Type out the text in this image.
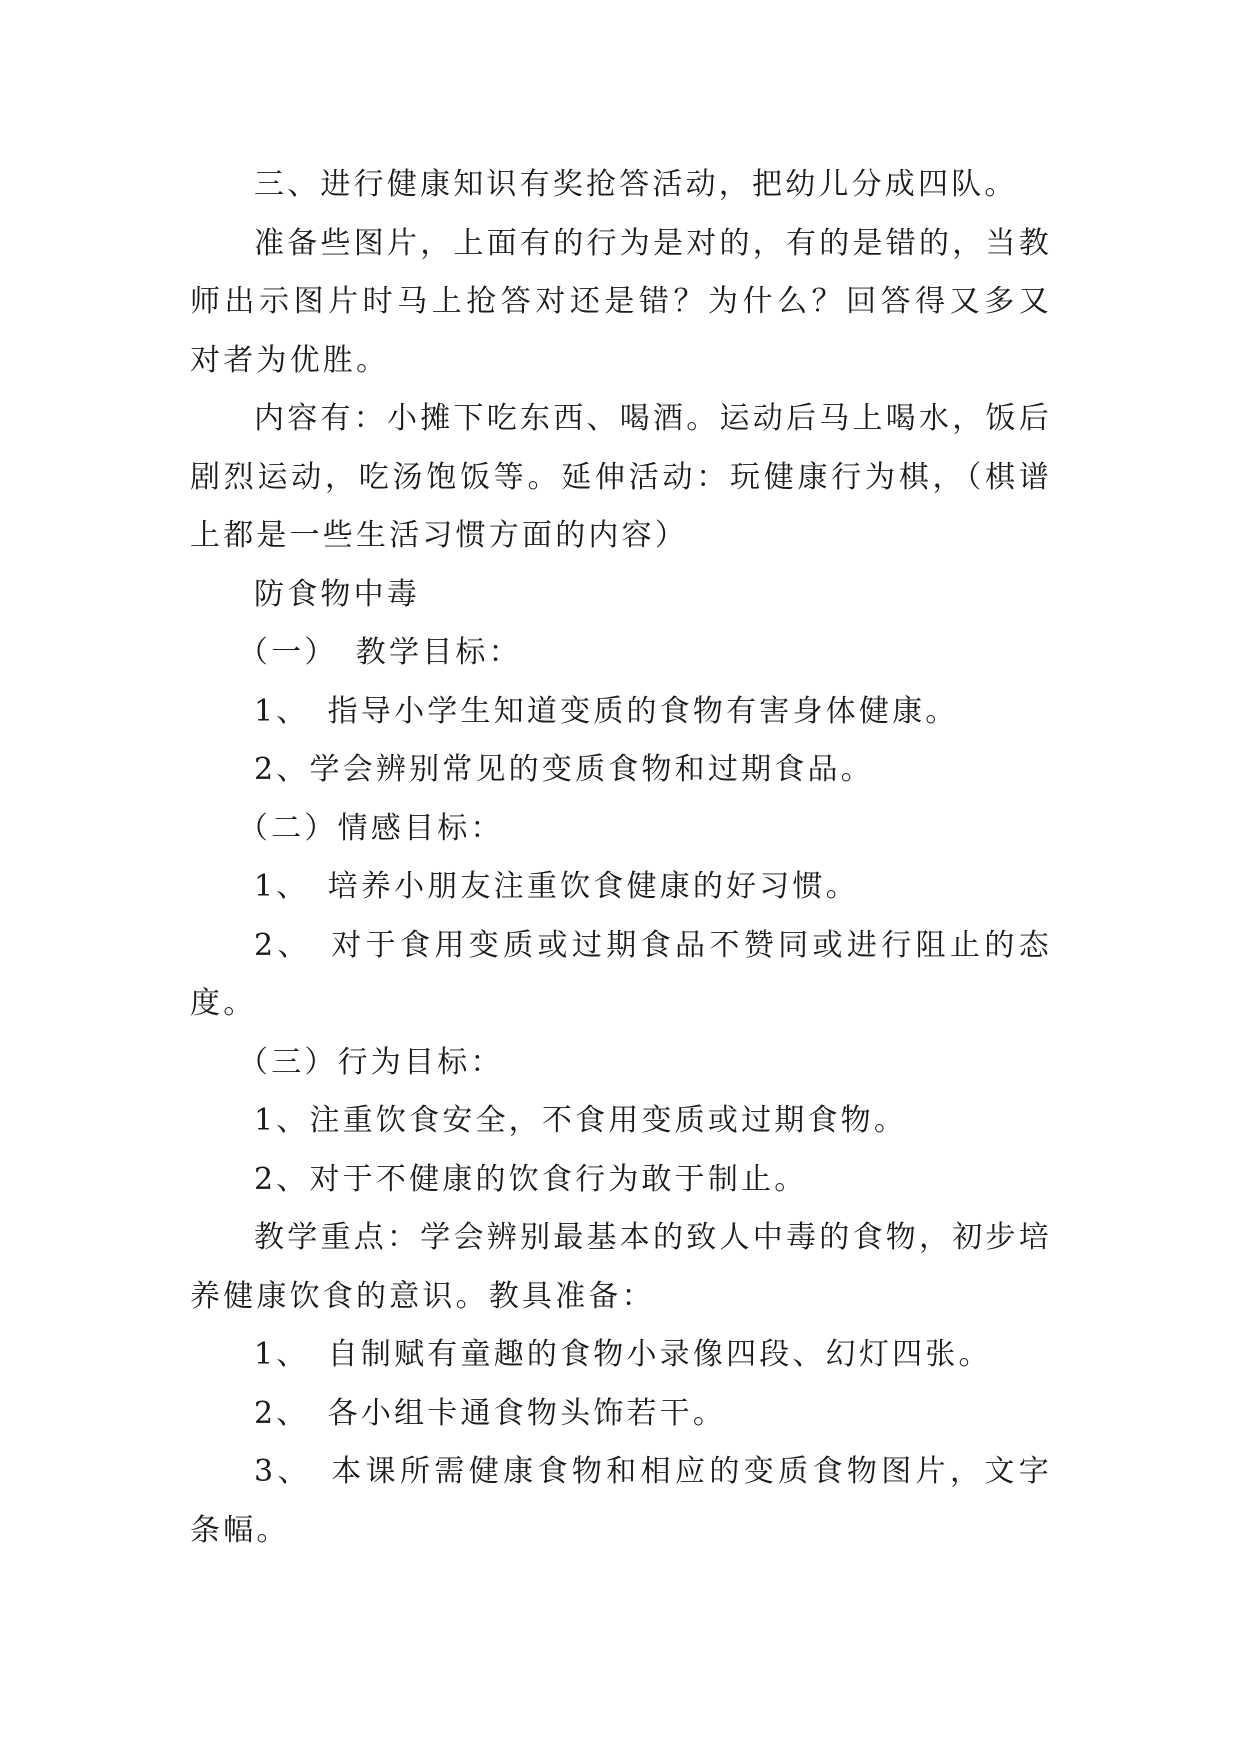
三、进行健康知识有奖抢答活动，把幼儿分成四队。

准备些图片，上面有的行为是对的，有的是错的，当教师出示图片时马上抢答对还是错？为什么？回答得又多又对者为优胜。

内容有：小摊下吃东西、喝酒。运动后马上喝水，饭后剧烈运动，吃汤饱饭等。延伸活动：玩健康行为棋，（棋谱上都是一些生活习惯方面的内容）

防食物中毒

（一）　教学目标：

1、　指导小学生知道变质的食物有害身体健康。

2、学会辨别常见的变质食物和过期食品。

（二）情感目标：

1、　培养小朋友注重饮食健康的好习惯。

2、　对于食用变质或过期食品不赞同或进行阻止的态度。

（三）行为目标：

1、注重饮食安全，不食用变质或过期食物。

2、对于不健康的饮食行为敢于制止。

教学重点：学会辨别最基本的致人中毒的食物，初步培养健康饮食的意识。教具准备：

1、　自制赋有童趣的食物小录像四段、幻灯四张。

2、　各小组卡通食物头饰若干。

3、　本课所需健康食物和相应的变质食物图片，文字条幅。
